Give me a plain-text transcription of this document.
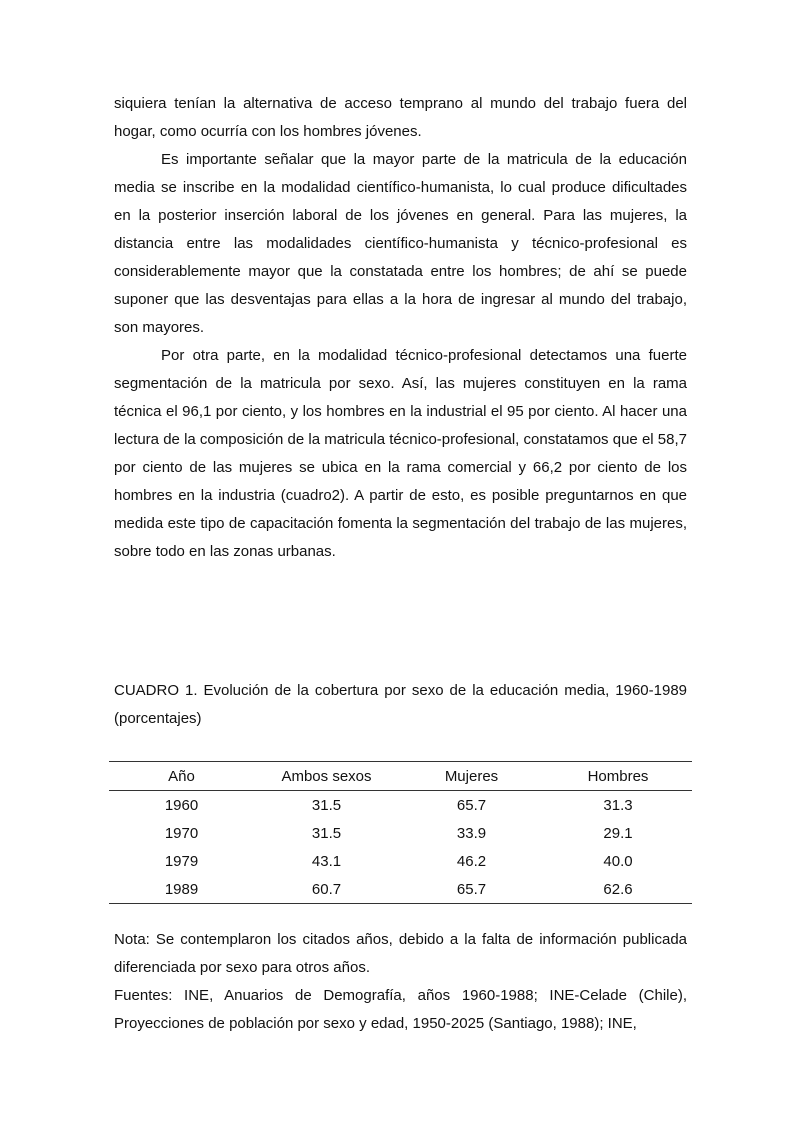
siquiera tenían la alternativa de acceso temprano al mundo del trabajo fuera del hogar, como ocurría con los hombres jóvenes.

Es importante señalar que la mayor parte de la matricula de la educación media se inscribe en la modalidad científico-humanista, lo cual produce dificultades en la posterior inserción laboral de los jóvenes en general. Para las mujeres, la distancia entre las modalidades científico-humanista y técnico-profesional es considerablemente mayor que la constatada entre los hombres; de ahí se puede suponer que las desventajas para ellas a la hora de ingresar al mundo del trabajo, son mayores.

Por otra parte, en la modalidad técnico-profesional detectamos una fuerte segmentación de la matricula por sexo. Así, las mujeres constituyen en la rama técnica el 96,1 por ciento, y los hombres en la industrial el 95 por ciento. Al hacer una lectura de la composición de la matricula técnico-profesional, constatamos que el 58,7 por ciento de las mujeres se ubica en la rama comercial y 66,2 por ciento de los hombres en la industria (cuadro2). A partir de esto, es posible preguntarnos en que medida este tipo de capacitación fomenta la segmentación del trabajo de las mujeres, sobre todo en las zonas urbanas.

CUADRO 1. Evolución de la cobertura por sexo de la educación media, 1960-1989 (porcentajes)

Año	Ambos sexos	Mujeres	Hombres
1960	31.5	65.7	31.3
1970	31.5	33.9	29.1
1979	43.1	46.2	40.0
1989	60.7	65.7	62.6

Nota: Se contemplaron los citados años, debido a la falta de información publicada diferenciada por sexo para otros años.

Fuentes: INE, Anuarios de Demografía, años 1960-1988; INE-Celade (Chile), Proyecciones de población por sexo y edad, 1950-2025 (Santiago, 1988); INE,
